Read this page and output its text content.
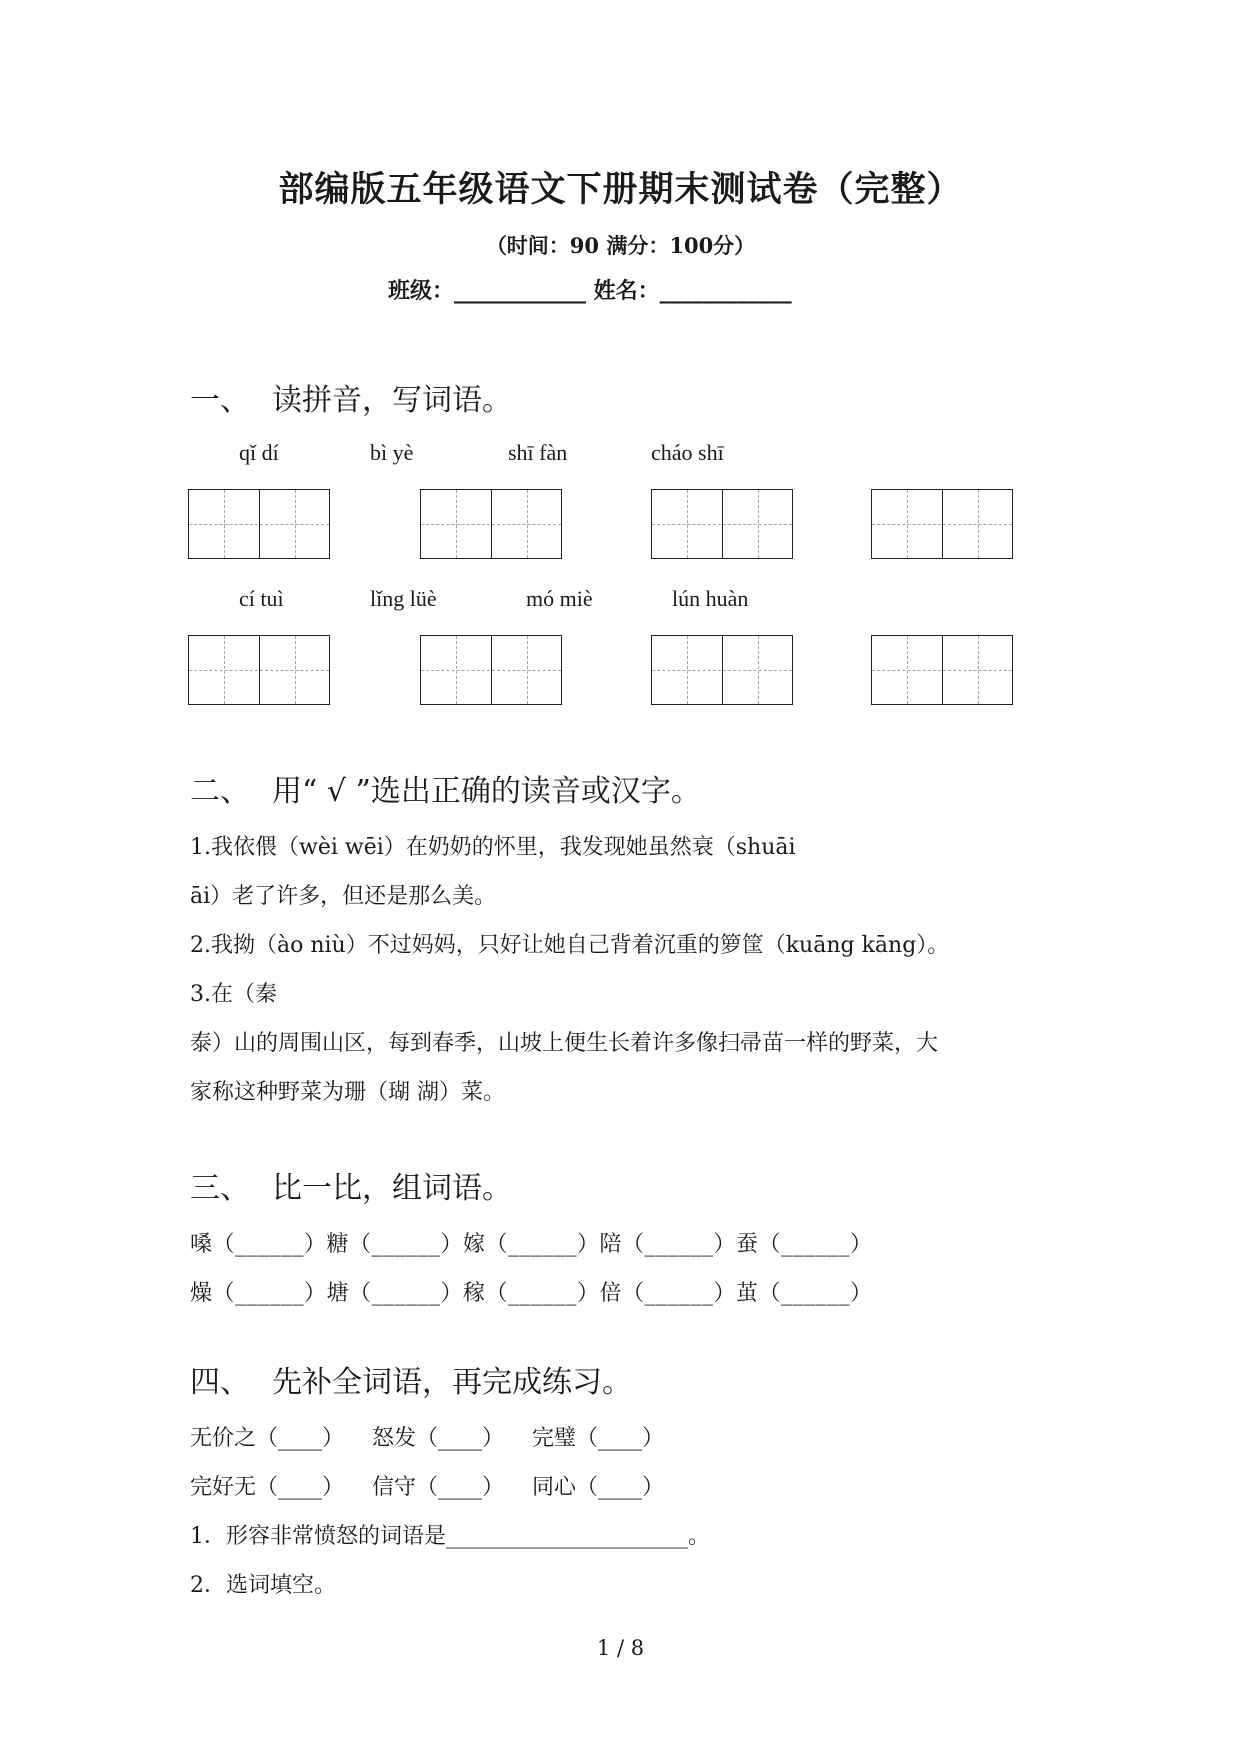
部编版五年级语文下册期末测试卷（完整）
（时间：90 满分：100分）
班级：____________ 姓名：____________
一、 读拼音，写词语。
qǐ dí	bì yè	shī fàn	cháo shī
cí tuì	lǐng lüè	mó miè	lún huàn
二、 用“ √ ”选出正确的读音或汉字。
1.我依偎（wèi wēi）在奶奶的怀里，我发现她虽然衰（shuāi
āi）老了许多，但还是那么美。
2.我拗（ào niù）不过妈妈，只好让她自己背着沉重的箩筐（kuāng kāng）。
3.在（秦
泰）山的周围山区，每到春季，山坡上便生长着许多像扫帚苗一样的野菜，大
家称这种野菜为珊（瑚 湖）菜。
三、 比一比，组词语。
嗓（______）糖（______）嫁（______）陪（______）蚕（______）
燥（______）塘（______）稼（______）倍（______）茧（______）
四、 先补全词语，再完成练习。
无价之（____）    怒发（____）    完璧（____）
完好无（____）    信守（____）    同心（____）
1．形容非常愤怒的词语是______________________。
2．选词填空。
1 / 8
